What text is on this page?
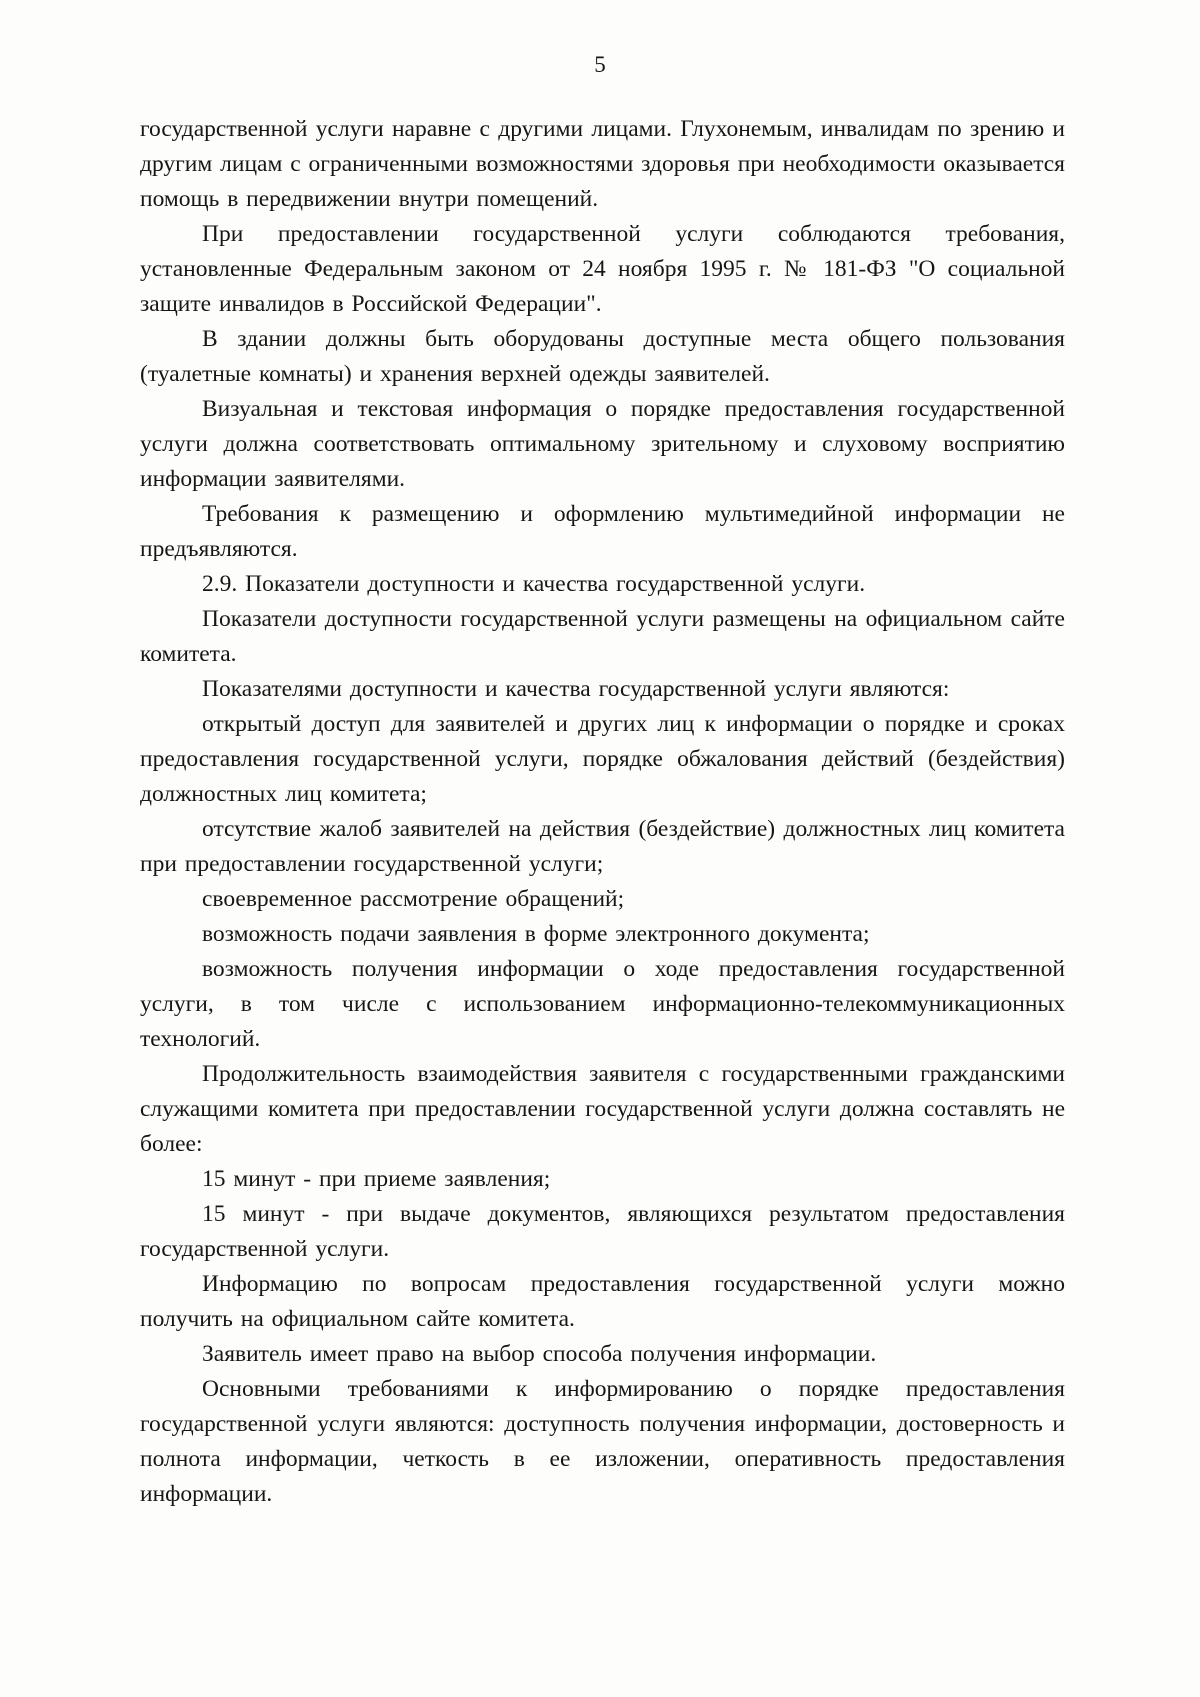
5

государственной услуги наравне с другими лицами. Глухонемым, инвалидам по зрению и другим лицам с ограниченными возможностями здоровья при необходимости оказывается помощь в передвижении внутри помещений.

При предоставлении государственной услуги соблюдаются требования, установленные Федеральным законом от 24 ноября 1995 г. № 181-ФЗ "О социальной защите инвалидов в Российской Федерации".

В здании должны быть оборудованы доступные места общего пользования (туалетные комнаты) и хранения верхней одежды заявителей.

Визуальная и текстовая информация о порядке предоставления государственной услуги должна соответствовать оптимальному зрительному и слуховому восприятию информации заявителями.

Требования к размещению и оформлению мультимедийной информации не предъявляются.

2.9. Показатели доступности и качества государственной услуги.

Показатели доступности государственной услуги размещены на официальном сайте комитета.

Показателями доступности и качества государственной услуги являются:

открытый доступ для заявителей и других лиц к информации о порядке и сроках предоставления государственной услуги, порядке обжалования действий (бездействия) должностных лиц комитета;

отсутствие жалоб заявителей на действия (бездействие) должностных лиц комитета при предоставлении государственной услуги;

своевременное рассмотрение обращений;

возможность подачи заявления в форме электронного документа;

возможность получения информации о ходе предоставления государственной услуги, в том числе с использованием информационно-телекоммуникационных технологий.

Продолжительность взаимодействия заявителя с государственными гражданскими служащими комитета при предоставлении государственной услуги должна составлять не более:

15 минут - при приеме заявления;

15 минут - при выдаче документов, являющихся результатом предоставления государственной услуги.

Информацию по вопросам предоставления государственной услуги можно получить на официальном сайте комитета.

Заявитель имеет право на выбор способа получения информации.

Основными требованиями к информированию о порядке предоставления государственной услуги являются: доступность получения информации, достоверность и полнота информации, четкость в ее изложении, оперативность предоставления информации.
